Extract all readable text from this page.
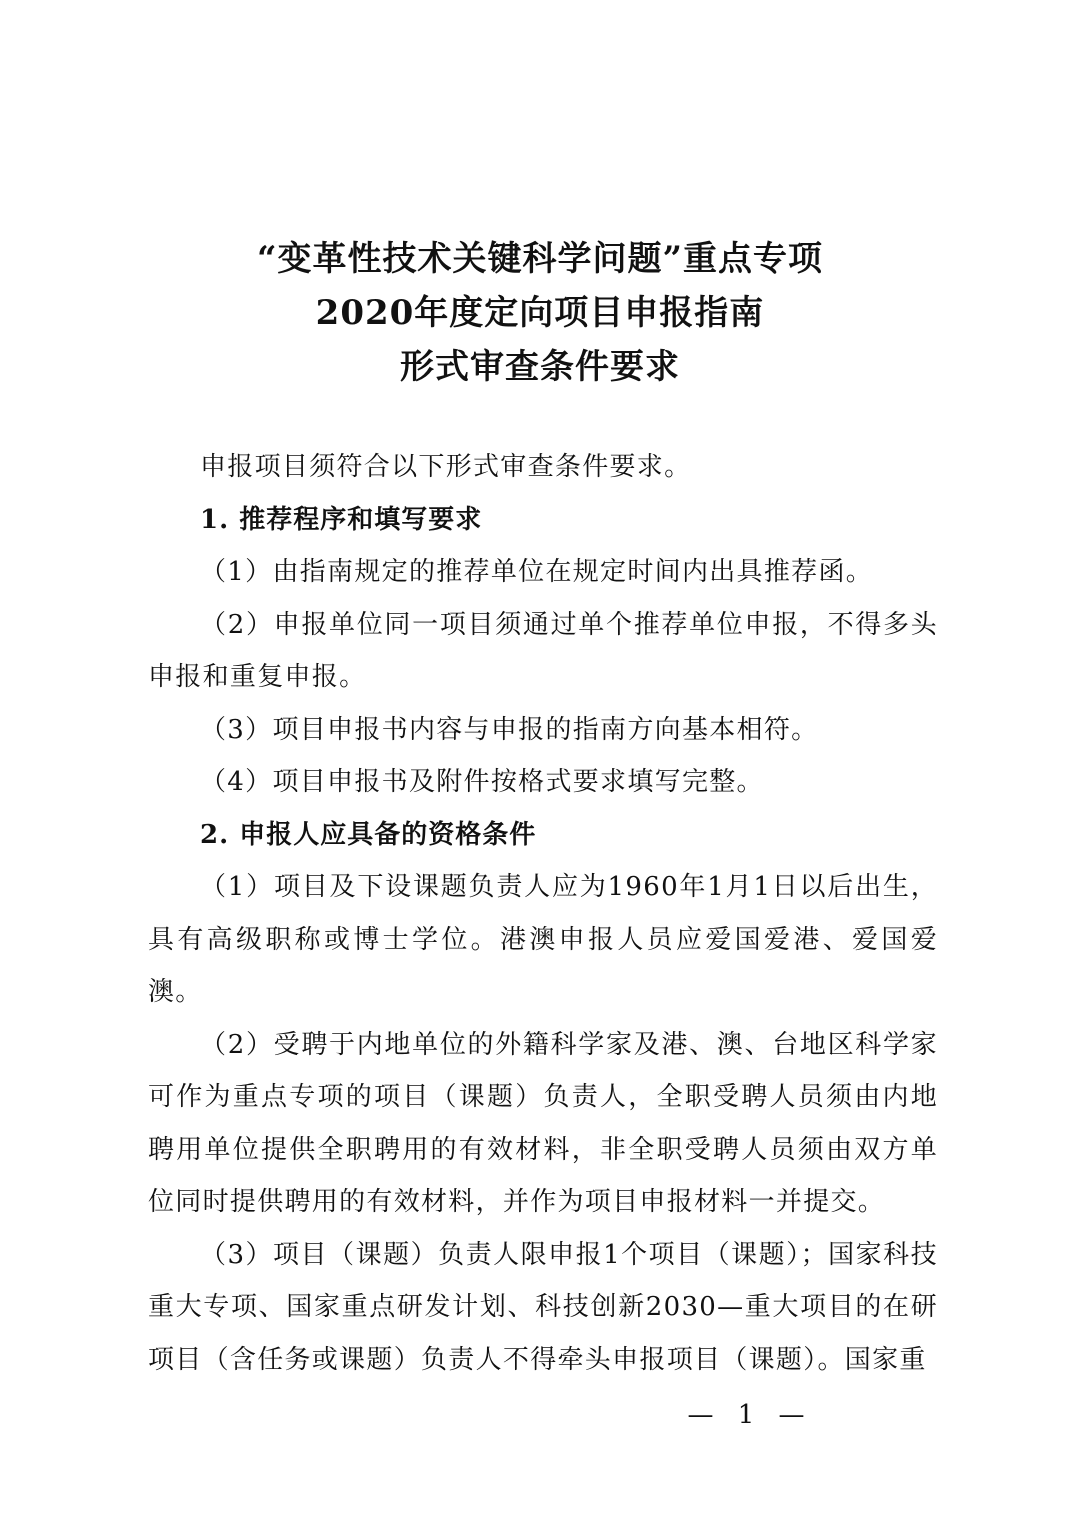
“变革性技术关键科学问题”重点专项
2020年度定向项目申报指南
形式审查条件要求

申报项目须符合以下形式审查条件要求。

1. 推荐程序和填写要求

（1）由指南规定的推荐单位在规定时间内出具推荐函。

（2）申报单位同一项目须通过单个推荐单位申报，不得多头申报和重复申报。

（3）项目申报书内容与申报的指南方向基本相符。

（4）项目申报书及附件按格式要求填写完整。

2. 申报人应具备的资格条件

（1）项目及下设课题负责人应为1960年1月1日以后出生，具有高级职称或博士学位。港澳申报人员应爱国爱港、爱国爱澳。

（2）受聘于内地单位的外籍科学家及港、澳、台地区科学家可作为重点专项的项目（课题）负责人，全职受聘人员须由内地聘用单位提供全职聘用的有效材料，非全职受聘人员须由双方单位同时提供聘用的有效材料，并作为项目申报材料一并提交。

（3）项目（课题）负责人限申报1个项目（课题）；国家科技重大专项、国家重点研发计划、科技创新2030—重大项目的在研项目（含任务或课题）负责人不得牵头申报项目（课题）。国家重

— 1 —
